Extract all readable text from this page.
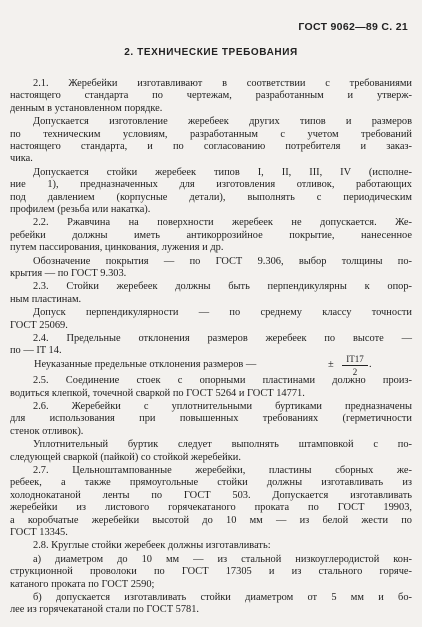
ГОСТ 9062—89 С. 21
2. ТЕХНИЧЕСКИЕ ТРЕБОВАНИЯ
Неуказанные предельные отклонения размеров —	± $\frac{IT17}{2}$ .
2.1. Жеребейки изготавливают в соответствии с требованиями
настоящего стандарта по чертежам, разработанным и утверж-
денным в установленном порядке.
Допускается изготовление жеребеек других типов и размеров
по техническим условиям, разработанным с учетом требований
настоящего стандарта, и по согласованию потребителя и заказ-
чика.
Допускается стойки жеребеек типов I, II, III, IV (исполне-
ние 1), предназначенных для изготовления отливок, работающих
под давлением (корпусные детали), выполнять с периодическим
профилем (резьба или накатка).
2.2. Ржавчина на поверхности жеребеек не допускается. Же-
ребейки должны иметь антикоррозийное покрытие, нанесенное
путем пассирования, цинкования, лужения и др.
Обозначение покрытия — по ГОСТ 9.306, выбор толщины по-
крытия — по ГОСТ 9.303.
2.3. Стойки жеребеек должны быть перпендикулярны к опор-
ным пластинам.
Допуск перпендикулярности — по среднему классу точности
ГОСТ 25069.
2.4. Предельные отклонения размеров жеребеек по высоте —
по — IT 14.
2.5. Соединение стоек с опорными пластинами должно произ-
водиться клепкой, точечной сваркой по ГОСТ 5264 и ГОСТ 14771.
2.6. Жеребейки с уплотнительными буртиками предназначены
для использования при повышенных требованиях (герметичности
стенок отливок).
Уплотнительный буртик следует выполнять штамповкой с по-
следующей сваркой (пайкой) со стойкой жеребейки.
2.7. Цельноштампованные жеребейки, пластины сборных же-
ребеек, а также прямоугольные стойки должны изготавливать из
холоднокатаной ленты по ГОСТ 503. Допускается изготавливать
жеребейки из листового горячекатаного проката по ГОСТ 19903,
а коробчатые жеребейки высотой до 10 мм — из белой жести по
ГОСТ 13345.
2.8. Круглые стойки жеребеек должны изготавливать:
а) диаметром до 10 мм — из стальной низкоуглеродистой кон-
струкционной проволоки по ГОСТ 17305 и из стального горяче-
катаного проката по ГОСТ 2590;
б) допускается изготавливать стойки диаметром от 5 мм и бо-
лее из горячекатаной стали по ГОСТ 5781.
